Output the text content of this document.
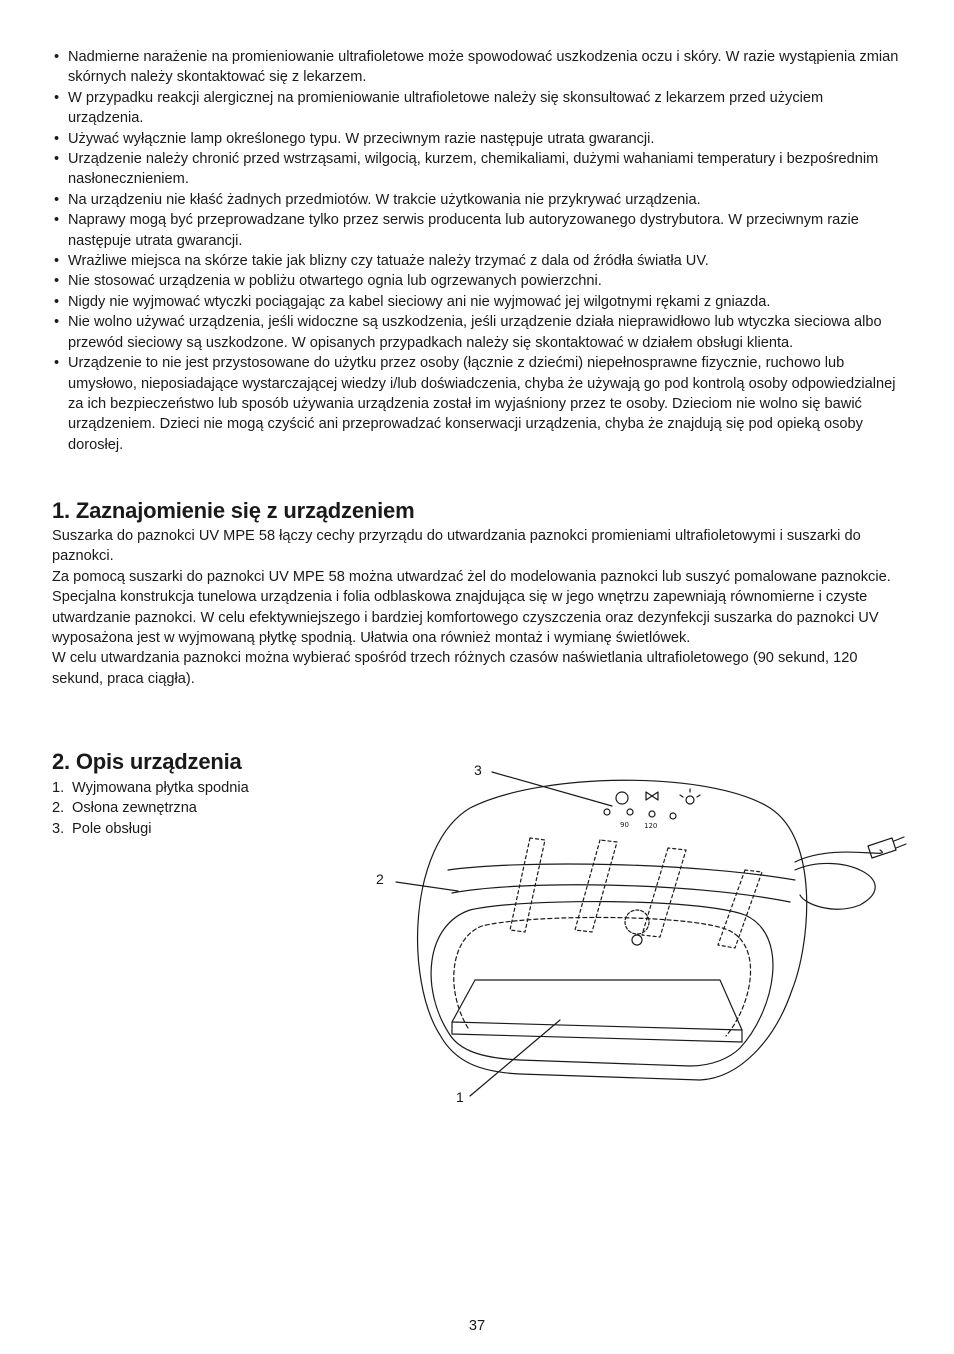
• Nadmierne narażenie na promieniowanie ultrafioletowe może spowodować uszkodzenia oczu i skóry. W razie wystąpienia zmian skórnych należy skontaktować się z lekarzem.
• W przypadku reakcji alergicznej na promieniowanie ultrafioletowe należy się skonsultować z lekarzem przed użyciem urządzenia.
• Używać wyłącznie lamp określonego typu. W przeciwnym razie następuje utrata gwarancji.
• Urządzenie należy chronić przed wstrząsami, wilgocią, kurzem, chemikaliami, dużymi wahaniami temperatury i bezpośrednim nasłonecznieniem.
• Na urządzeniu nie kłaść żadnych przedmiotów. W trakcie użytkowania nie przykrywać urządzenia.
• Naprawy mogą być przeprowadzane tylko przez serwis producenta lub autoryzowanego dystrybutora. W przeciwnym razie następuje utrata gwarancji.
• Wrażliwe miejsca na skórze takie jak blizny czy tatuaże należy trzymać z dala od źródła światła UV.
• Nie stosować urządzenia w pobliżu otwartego ognia lub ogrzewanych powierzchni.
• Nigdy nie wyjmować wtyczki pociągając za kabel sieciowy ani nie wyjmować jej wilgotnymi rękami z gniazda.
• Nie wolno używać urządzenia, jeśli widoczne są uszkodzenia, jeśli urządzenie działa nieprawidłowo lub wtyczka sieciowa albo przewód sieciowy są uszkodzone. W opisanych przypadkach należy się skontaktować w działem obsługi klienta.
• Urządzenie to nie jest przystosowane do użytku przez osoby (łącznie z dziećmi) niepełnosprawne fizycznie, ruchowo lub umysłowo, nieposiadające wystarczającej wiedzy i/lub doświadczenia, chyba że używają go pod kontrolą osoby odpowiedzialnej za ich bezpieczeństwo lub sposób używania urządzenia został im wyjaśniony przez te osoby. Dzieciom nie wolno się bawić urządzeniem. Dzieci nie mogą czyścić ani przeprowadzać konserwacji urządzenia, chyba że znajdują się pod opieką osoby dorosłej.
1. Zaznajomienie się z urządzeniem

Suszarka do paznokci UV MPE 58 łączy cechy przyrządu do utwardzania paznokci promieniami ultrafioletowymi i suszarki do paznokci.

Za pomocą suszarki do paznokci UV MPE 58 można utwardzać żel do modelowania paznokci lub suszyć pomalowane paznokcie.

Specjalna konstrukcja tunelowa urządzenia i folia odblaskowa znajdująca się w jego wnętrzu zapewniają równomierne i czyste utwardzanie paznokci. W celu efektywniejszego i bardziej komfortowego czyszczenia oraz dezynfekcji suszarka do paznokci UV wyposażona jest w wyjmowaną płytkę spodnią. Ułatwia ona również montaż i wymianę świetlówek.

W celu utwardzania paznokci można wybierać spośród trzech różnych czasów naświetlania ultrafioletowego (90 sekund, 120 sekund, praca ciągła).

2. Opis urządzenia
1. Wyjmowana płytka spodnia
2. Osłona zewnętrzna
3. Pole obsługi	90 120
3
2
1
37
